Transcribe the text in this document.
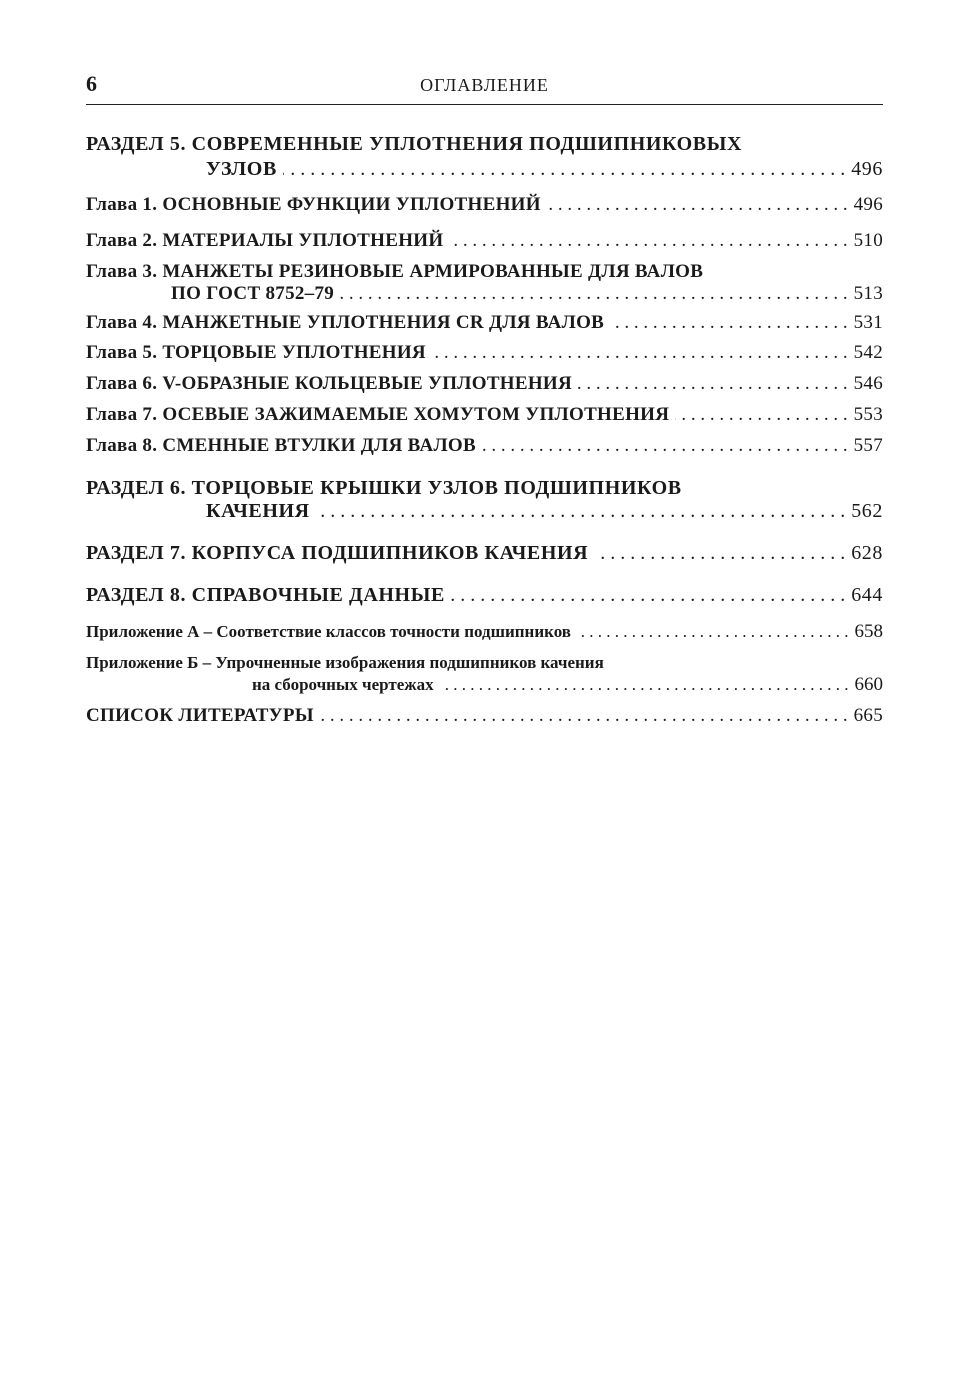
6	ОГЛАВЛЕНИЕ
РАЗДЕЛ 5. СОВРЕМЕННЫЕ УПЛОТНЕНИЯ ПОДШИПНИКОВЫХ
УЗЛОВ . . .	496
Глава 1. ОСНОВНЫЕ ФУНКЦИИ УПЛОТНЕНИЙ . . .	496
Глава 2. МАТЕРИАЛЫ УПЛОТНЕНИЙ . . .	510
Глава 3. МАНЖЕТЫ РЕЗИНОВЫЕ АРМИРОВАННЫЕ ДЛЯ ВАЛОВ
ПО ГОСТ 8752–79 . . .	513
Глава 4. МАНЖЕТНЫЕ УПЛОТНЕНИЯ CR ДЛЯ ВАЛОВ . . .	531
Глава 5. ТОРЦОВЫЕ УПЛОТНЕНИЯ . . .	542
Глава 6. V-ОБРАЗНЫЕ КОЛЬЦЕВЫЕ УПЛОТНЕНИЯ . . .	546
Глава 7. ОСЕВЫЕ ЗАЖИМАЕМЫЕ ХОМУТОМ УПЛОТНЕНИЯ . . .	553
Глава 8. СМЕННЫЕ ВТУЛКИ ДЛЯ ВАЛОВ . . .	557
РАЗДЕЛ 6. ТОРЦОВЫЕ КРЫШКИ УЗЛОВ ПОДШИПНИКОВ
КАЧЕНИЯ . . .	562
РАЗДЕЛ 7. КОРПУСА ПОДШИПНИКОВ КАЧЕНИЯ . . .	628
РАЗДЕЛ 8. СПРАВОЧНЫЕ ДАННЫЕ . . .	644
Приложение А – Соответствие классов точности подшипников . . .	658
Приложение Б – Упрочненные изображения подшипников качения
на сборочных чертежах . . .	660
СПИСОК ЛИТЕРАТУРЫ . . .	665
